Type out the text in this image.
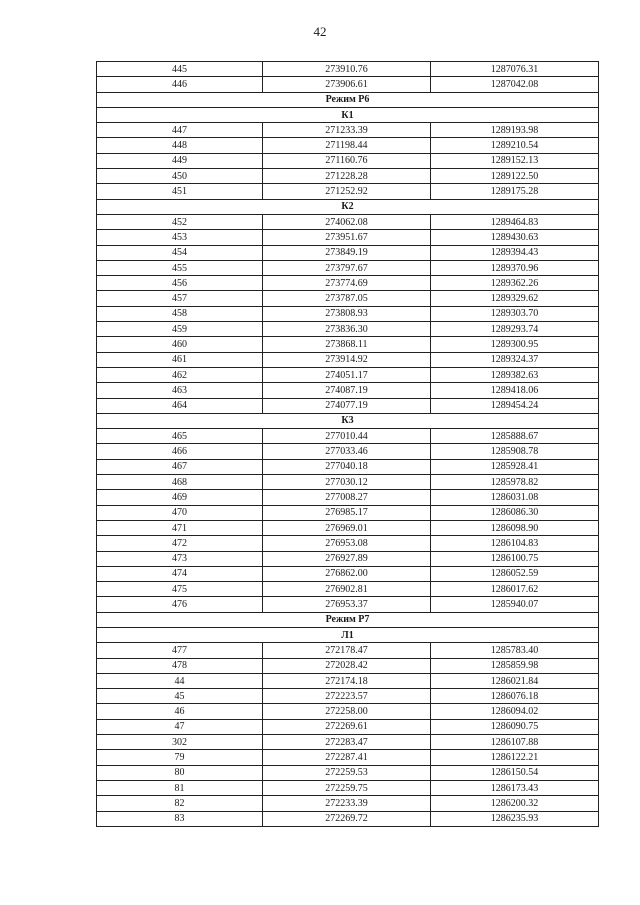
42
445	273910.76	1287076.31
446	273906.61	1287042.08
Режим Р6		
К1		
447	271233.39	1289193.98
448	271198.44	1289210.54
449	271160.76	1289152.13
450	271228.28	1289122.50
451	271252.92	1289175.28
К2		
452	274062.08	1289464.83
453	273951.67	1289430.63
454	273849.19	1289394.43
455	273797.67	1289370.96
456	273774.69	1289362.26
457	273787.05	1289329.62
458	273808.93	1289303.70
459	273836.30	1289293.74
460	273868.11	1289300.95
461	273914.92	1289324.37
462	274051.17	1289382.63
463	274087.19	1289418.06
464	274077.19	1289454.24
К3		
465	277010.44	1285888.67
466	277033.46	1285908.78
467	277040.18	1285928.41
468	277030.12	1285978.82
469	277008.27	1286031.08
470	276985.17	1286086.30
471	276969.01	1286098.90
472	276953.08	1286104.83
473	276927.89	1286100.75
474	276862.00	1286052.59
475	276902.81	1286017.62
476	276953.37	1285940.07
Режим Р7		
Л1		
477	272178.47	1285783.40
478	272028.42	1285859.98
44	272174.18	1286021.84
45	272223.57	1286076.18
46	272258.00	1286094.02
47	272269.61	1286090.75
302	272283.47	1286107.88
79	272287.41	1286122.21
80	272259.53	1286150.54
81	272259.75	1286173.43
82	272233.39	1286200.32
83	272269.72	1286235.93
